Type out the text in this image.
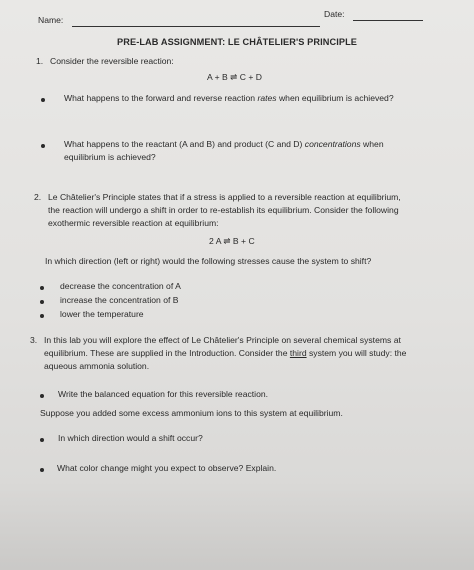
Name:
Date:
PRE-LAB ASSIGNMENT: LE CHÂTELIER'S PRINCIPLE
1. Consider the reversible reaction:
A + B ⇌ C + D
What happens to the forward and reverse reaction rates when equilibrium is achieved?
What happens to the reactant (A and B) and product (C and D) concentrations when
equilibrium is achieved?
2. Le Châtelier's Principle states that if a stress is applied to a reversible reaction at equilibrium,
the reaction will undergo a shift in order to re-establish its equilibrium. Consider the following
exothermic reversible reaction at equilibrium:
2 A ⇌ B + C
In which direction (left or right) would the following stresses cause the system to shift?
decrease the concentration of A
increase the concentration of B
lower the temperature
3. In this lab you will explore the effect of Le Châtelier's Principle on several chemical systems at
equilibrium. These are supplied in the Introduction. Consider the third system you will study: the
aqueous ammonia solution.
Write the balanced equation for this reversible reaction.
Suppose you added some excess ammonium ions to this system at equilibrium.
In which direction would a shift occur?
What color change might you expect to observe? Explain.
